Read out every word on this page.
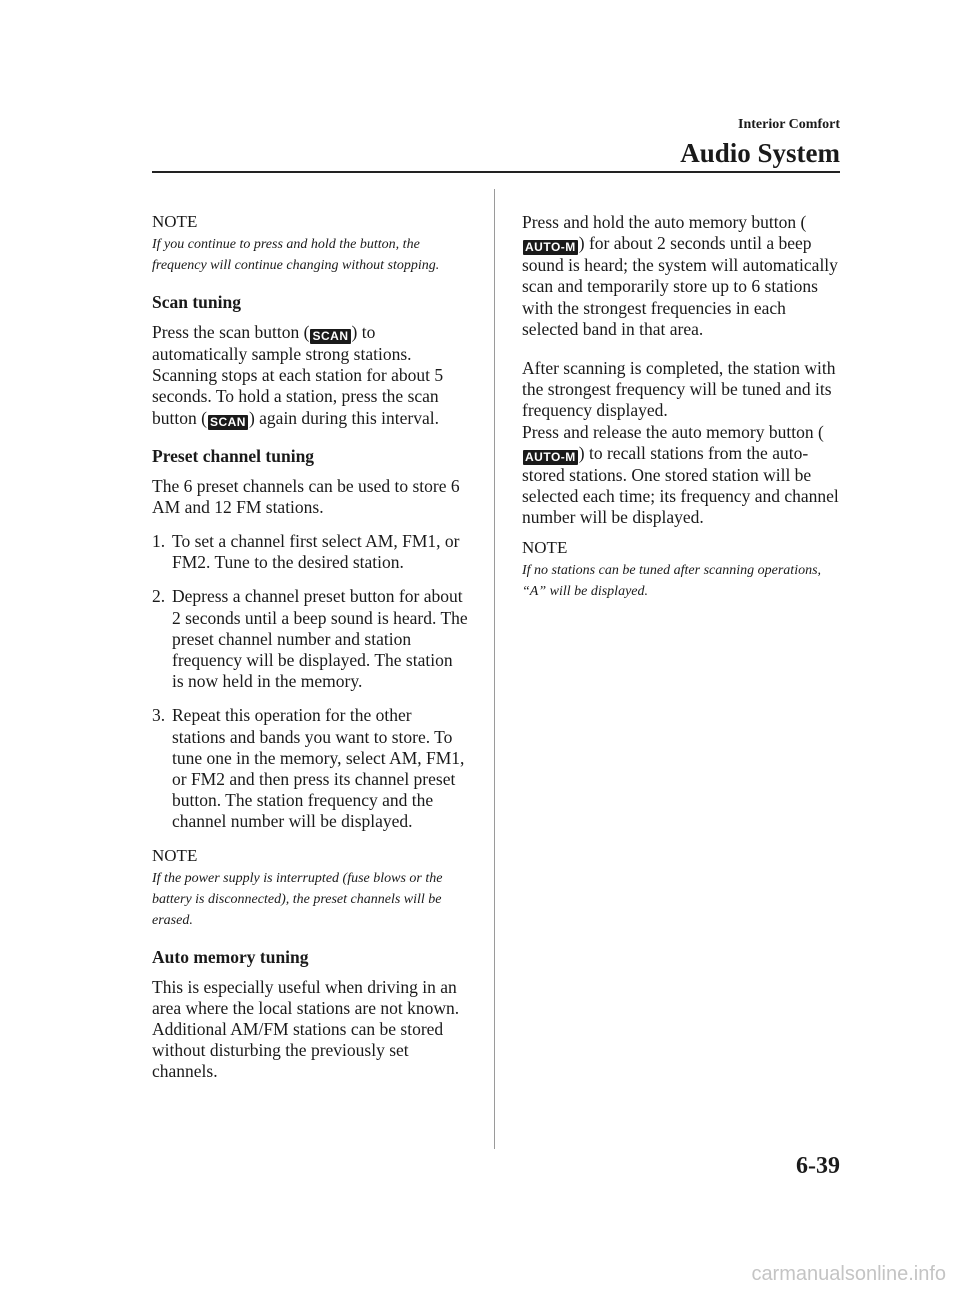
Interior Comfort
Audio System

NOTE

If you continue to press and hold the button, the frequency will continue changing without stopping.

Scan tuning

Press the scan button ( SCAN ) to automatically sample strong stations. Scanning stops at each station for about 5 seconds. To hold a station, press the scan button ( SCAN ) again during this interval.

Preset channel tuning

The 6 preset channels can be used to store 6 AM and 12 FM stations.

1. To set a channel first select AM, FM1, or FM2. Tune to the desired station.
2. Depress a channel preset button for about 2 seconds until a beep sound is heard. The preset channel number and station frequency will be displayed. The station is now held in the memory.
3. Repeat this operation for the other stations and bands you want to store. To tune one in the memory, select AM, FM1, or FM2 and then press its channel preset button. The station frequency and the channel number will be displayed.

NOTE

If the power supply is interrupted (fuse blows or the battery is disconnected), the preset channels will be erased.

Auto memory tuning

This is especially useful when driving in an area where the local stations are not known. Additional AM/FM stations can be stored without disturbing the previously set channels.

Press and hold the auto memory button (AUTO-M ) for about 2 seconds until a beep sound is heard; the system will automatically scan and temporarily store up to 6 stations with the strongest frequencies in each selected band in that area.

After scanning is completed, the station with the strongest frequency will be tuned and its frequency displayed.

Press and release the auto memory button (AUTO-M ) to recall stations from the auto-stored stations. One stored station will be selected each time; its frequency and channel number will be displayed.

NOTE

If no stations can be tuned after scanning operations, “A” will be displayed.

6-39
carmanualsonline.info
